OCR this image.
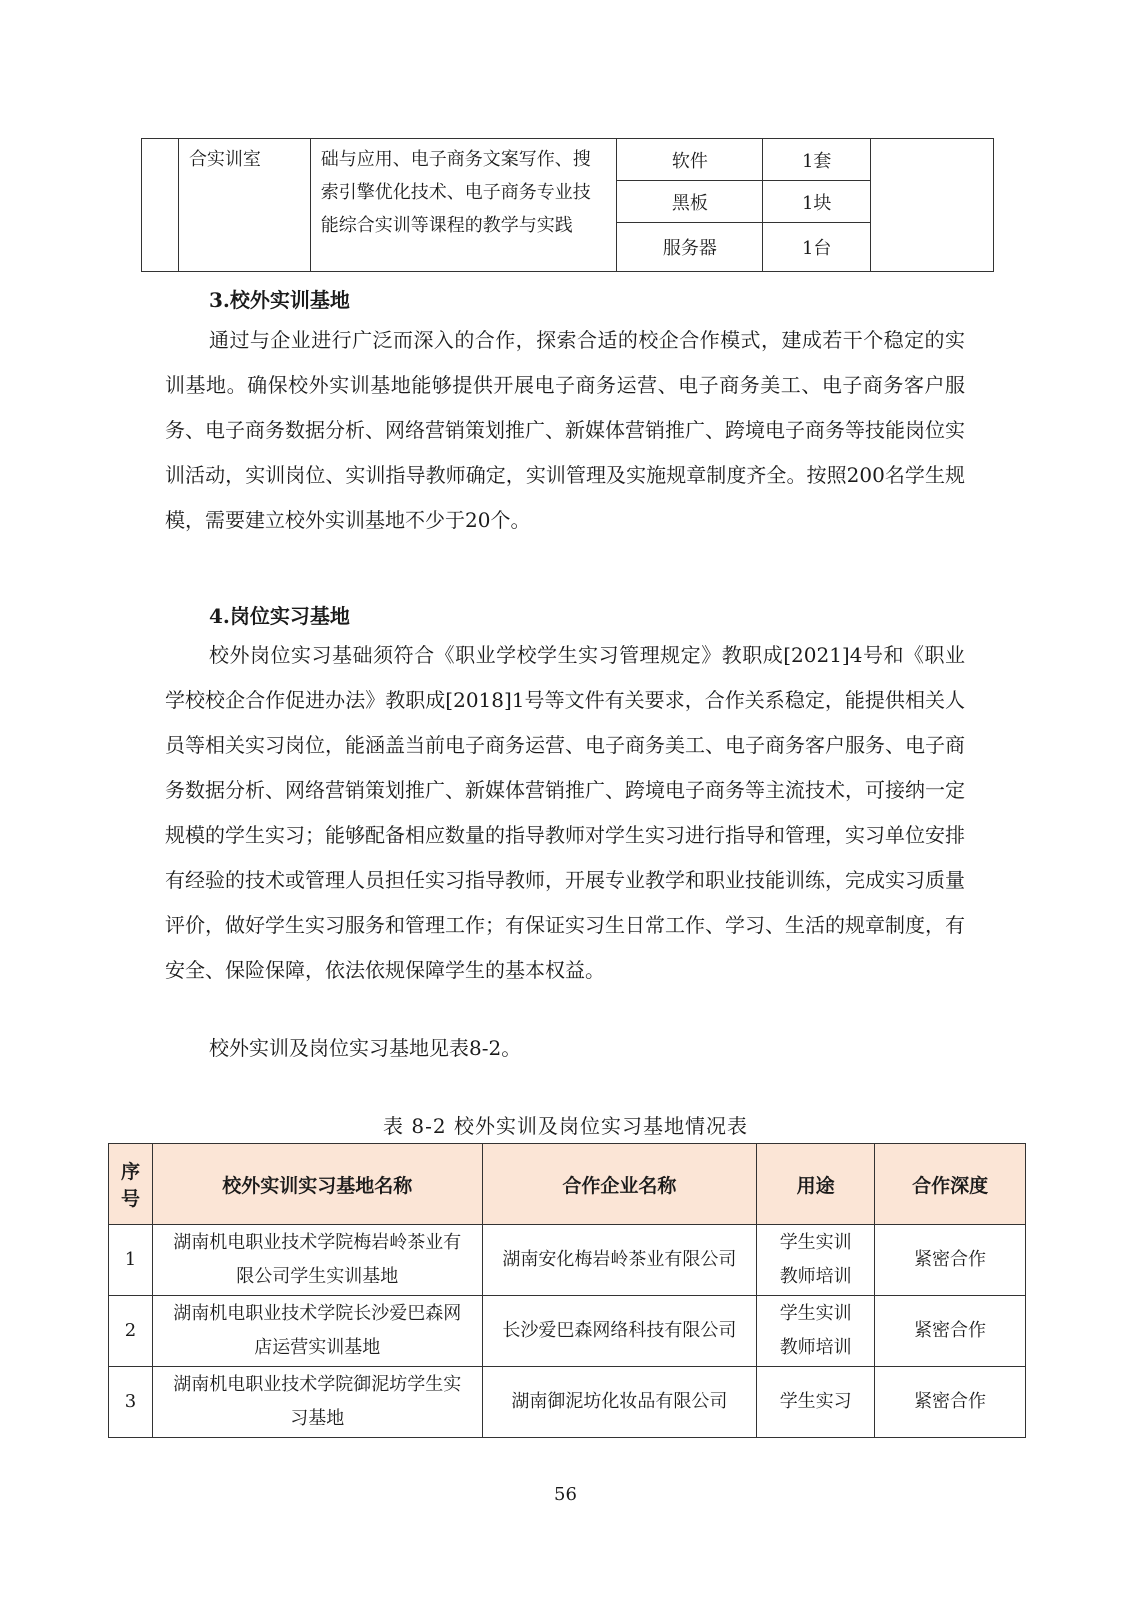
	合实训室	础与应用、电子商务文案写作、搜索引擎优化技术、电子商务专业技能综合实训等课程的教学与实践	软件	1套	
			黑板	1块	
			服务器	1台	
3.校外实训基地

通过与企业进行广泛而深入的合作，探索合适的校企合作模式，建成若干个稳定的实训基地。确保校外实训基地能够提供开展电子商务运营、电子商务美工、电子商务客户服务、电子商务数据分析、网络营销策划推广、新媒体营销推广、跨境电子商务等技能岗位实训活动，实训岗位、实训指导教师确定，实训管理及实施规章制度齐全。按照200名学生规模，需要建立校外实训基地不少于20个。

4.岗位实习基地

校外岗位实习基础须符合《职业学校学生实习管理规定》教职成[2021]4号和《职业学校校企合作促进办法》教职成[2018]1号等文件有关要求，合作关系稳定，能提供相关人员等相关实习岗位，能涵盖当前电子商务运营、电子商务美工、电子商务客户服务、电子商务数据分析、网络营销策划推广、新媒体营销推广、跨境电子商务等主流技术，可接纳一定规模的学生实习；能够配备相应数量的指导教师对学生实习进行指导和管理，实习单位安排有经验的技术或管理人员担任实习指导教师，开展专业教学和职业技能训练，完成实习质量评价，做好学生实习服务和管理工作；有保证实习生日常工作、学习、生活的规章制度，有安全、保险保障，依法依规保障学生的基本权益。

校外实训及岗位实习基地见表8-2。

表 8-2 校外实训及岗位实习基地情况表

序号	校外实训实习基地名称	合作企业名称	用途	合作深度
1	湖南机电职业技术学院梅岩岭茶业有限公司学生实训基地	湖南安化梅岩岭茶业有限公司	学生实训教师培训	紧密合作
2	湖南机电职业技术学院长沙爱巴森网店运营实训基地	长沙爱巴森网络科技有限公司	学生实训教师培训	紧密合作
3	湖南机电职业技术学院御泥坊学生实习基地	湖南御泥坊化妆品有限公司	学生实习	紧密合作
56
